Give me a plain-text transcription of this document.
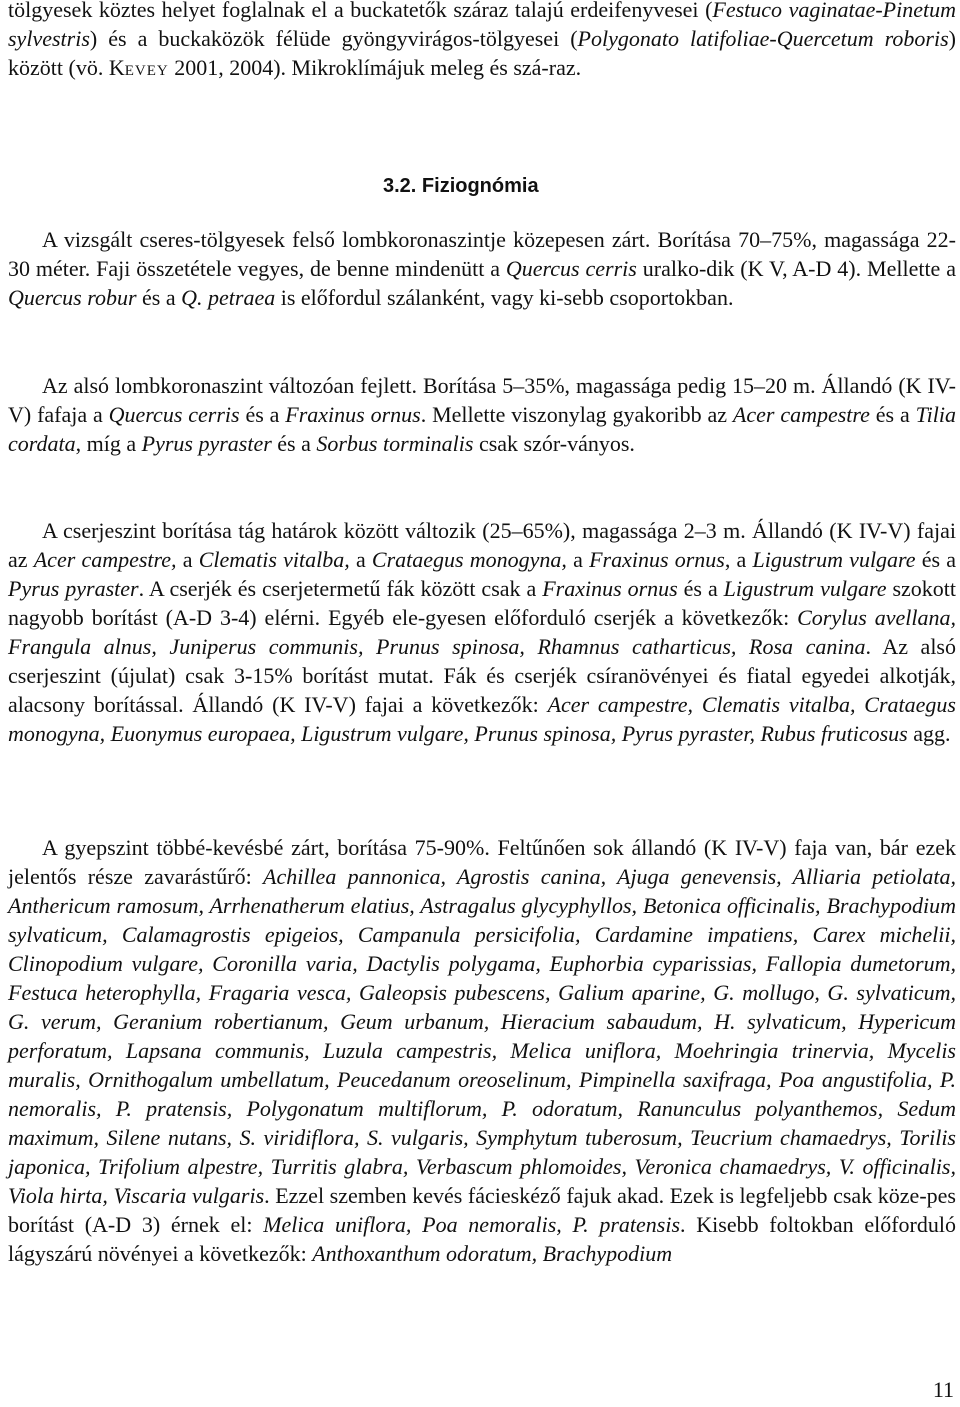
tölgyesek köztes helyet foglalnak el a buckatetők száraz talajú erdeifenyvesei (Festuco vaginatae-Pinetum sylvestris) és a buckaközök félüde gyöngyvirágos-tölgyesei (Polygonato latifoliae-Quercetum roboris) között (vö. KEVEY 2001, 2004). Mikroklímájuk meleg és szá-raz.

3.2. Fiziognómia

A vizsgált cseres-tölgyesek felső lombkoronaszintje közepesen zárt. Borítása 70‒75%, magassága 22-30 méter. Faji összetétele vegyes, de benne mindenütt a Quercus cerris uralko-dik (K V, A-D 4). Mellette a Quercus robur és a Q. petraea is előfordul szálanként, vagy ki-sebb csoportokban.

Az alsó lombkoronaszint változóan fejlett. Borítása 5‒35%, magassága pedig 15‒20 m. Állandó (K IV-V) fafaja a Quercus cerris és a Fraxinus ornus. Mellette viszonylag gyakoribb az Acer campestre és a Tilia cordata, míg a Pyrus pyraster és a Sorbus torminalis csak szór-ványos.

A cserjeszint borítása tág határok között változik (25‒65%), magassága 2‒3 m. Állandó (K IV-V) fajai az Acer campestre, a Clematis vitalba, a Crataegus monogyna, a Fraxinus ornus, a Ligustrum vulgare és a Pyrus pyraster. A cserjék és cserjetermetű fák között csak a Fraxinus ornus és a Ligustrum vulgare szokott nagyobb borítást (A-D 3-4) elérni. Egyéb ele-gyesen előforduló cserjék a következők: Corylus avellana, Frangula alnus, Juniperus communis, Prunus spinosa, Rhamnus catharticus, Rosa canina. Az alsó cserjeszint (újulat) csak 3-15% borítást mutat. Fák és cserjék csíranövényei és fiatal egyedei alkotják, alacsony borítással. Állandó (K IV-V) fajai a következők: Acer campestre, Clematis vitalba, Crataegus monogyna, Euonymus europaea, Ligustrum vulgare, Prunus spinosa, Pyrus pyraster, Rubus fruticosus agg.

A gyepszint többé-kevésbé zárt, borítása 75-90%. Feltűnően sok állandó (K IV-V) faja van, bár ezek jelentős része zavarástűrő: Achillea pannonica, Agrostis canina, Ajuga genevensis, Alliaria petiolata, Anthericum ramosum, Arrhenatherum elatius, Astragalus glycyphyllos, Betonica officinalis, Brachypodium sylvaticum, Calamagrostis epigeios, Campanula persicifolia, Cardamine impatiens, Carex michelii, Clinopodium vulgare, Coronilla varia, Dactylis polygama, Euphorbia cyparissias, Fallopia dumetorum, Festuca heterophylla, Fragaria vesca, Galeopsis pubescens, Galium aparine, G. mollugo, G. sylvaticum, G. verum, Geranium robertianum, Geum urbanum, Hieracium sabaudum, H. sylvaticum, Hypericum perforatum, Lapsana communis, Luzula campestris, Melica uniflora, Moehringia trinervia, Mycelis muralis, Ornithogalum umbellatum, Peucedanum oreoselinum, Pimpinella saxifraga, Poa angustifolia, P. nemoralis, P. pratensis, Polygonatum multiflorum, P. odoratum, Ranunculus polyanthemos, Sedum maximum, Silene nutans, S. viridiflora, S. vulgaris, Symphytum tuberosum, Teucrium chamaedrys, Torilis japonica, Trifolium alpestre, Turritis glabra, Verbascum phlomoides, Veronica chamaedrys, V. officinalis, Viola hirta, Viscaria vulgaris. Ezzel szemben kevés fácieskéző fajuk akad. Ezek is legfeljebb csak köze-pes borítást (A-D 3) érnek el: Melica uniflora, Poa nemoralis, P. pratensis. Kisebb foltokban előforduló lágyszárú növényei a következők: Anthoxanthum odoratum, Brachypodium

11
